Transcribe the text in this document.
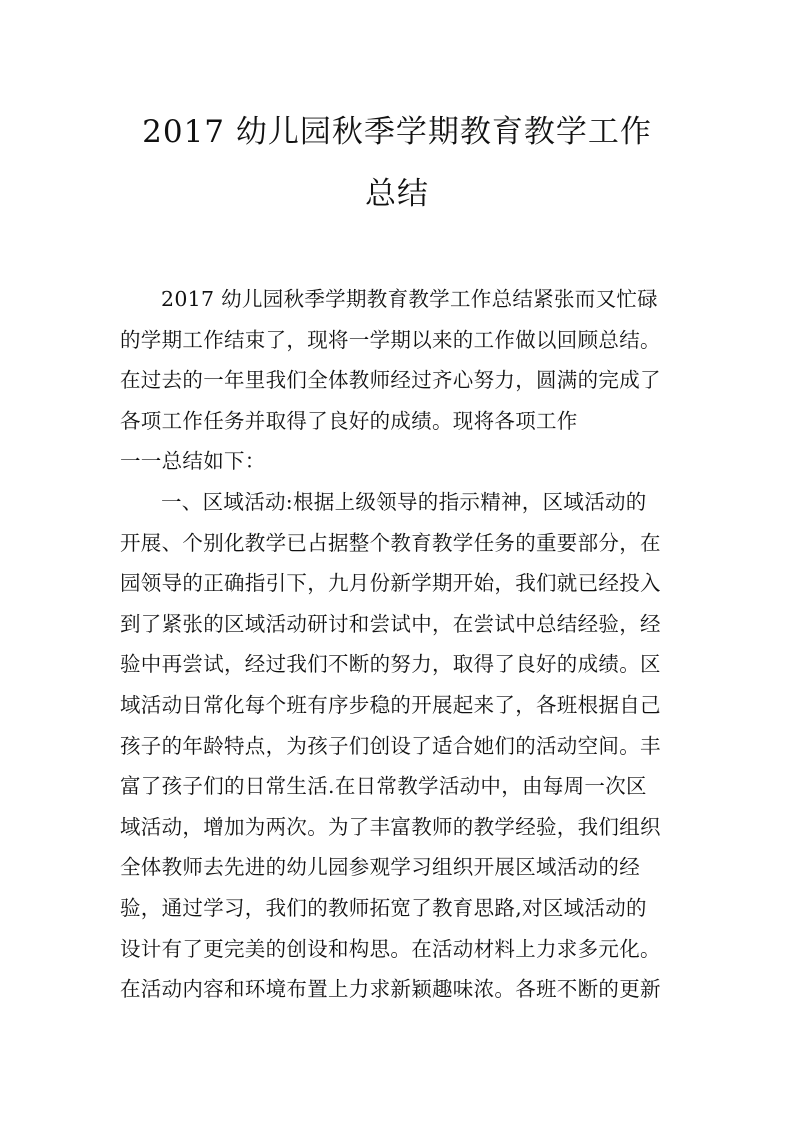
2017 幼儿园秋季学期教育教学工作
总结
2017 幼儿园秋季学期教育教学工作总结紧张而又忙碌
的学期工作结束了，现将一学期以来的工作做以回顾总结。
在过去的一年里我们全体教师经过齐心努力，圆满的完成了
各项工作任务并取得了良好的成绩。现将各项工作
一一总结如下：
一、区域活动:根据上级领导的指示精神，区域活动的
开展、个别化教学已占据整个教育教学任务的重要部分，在
园领导的正确指引下，九月份新学期开始，我们就已经投入
到了紧张的区域活动研讨和尝试中，在尝试中总结经验，经
验中再尝试，经过我们不断的努力，取得了良好的成绩。区
域活动日常化每个班有序步稳的开展起来了，各班根据自己
孩子的年龄特点，为孩子们创设了适合她们的活动空间。丰
富了孩子们的日常生活.在日常教学活动中，由每周一次区
域活动，增加为两次。为了丰富教师的教学经验，我们组织
全体教师去先进的幼儿园参观学习组织开展区域活动的经
验，通过学习，我们的教师拓宽了教育思路,对区域活动的
设计有了更完美的创设和构思。在活动材料上力求多元化。
在活动内容和环境布置上力求新颖趣味浓。各班不断的更新
